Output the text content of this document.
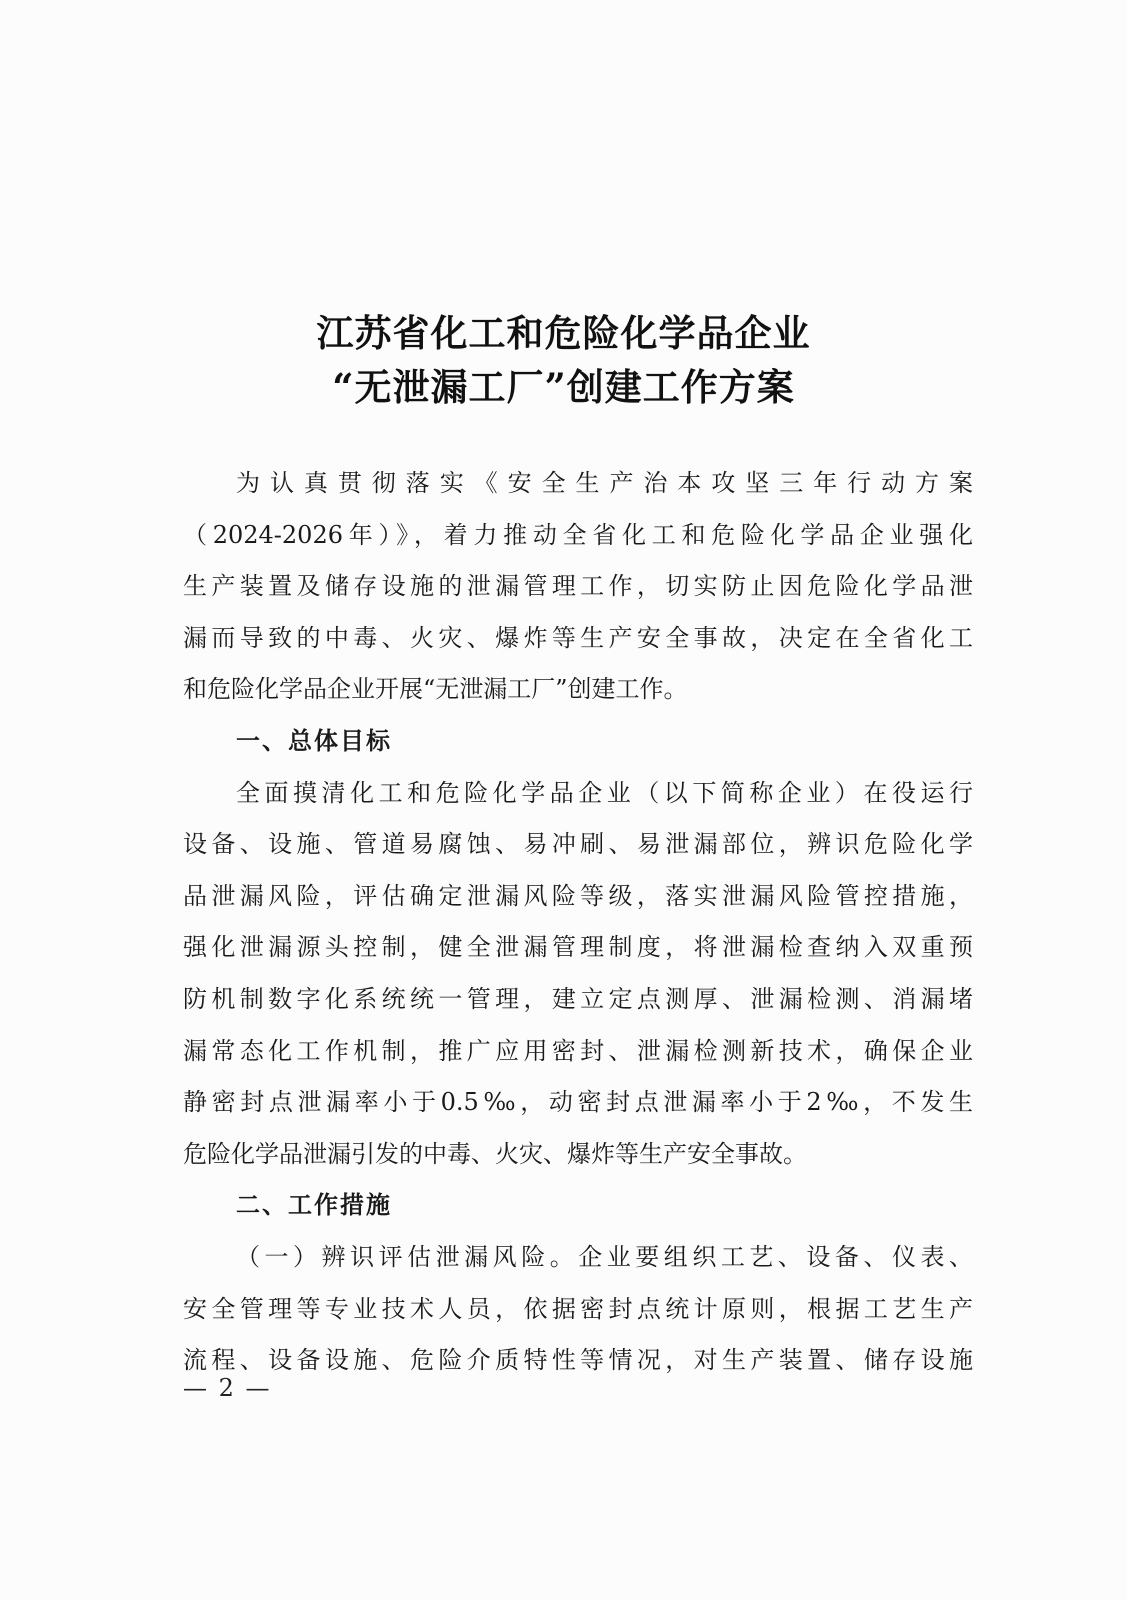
江苏省化工和危险化学品企业
“无泄漏工厂”创建工作方案
为认真贯彻落实《安全生产治本攻坚三年行动方案
（2024-2026年）》，着力推动全省化工和危险化学品企业强化
生产装置及储存设施的泄漏管理工作，切实防止因危险化学品泄
漏而导致的中毒、火灾、爆炸等生产安全事故，决定在全省化工
和危险化学品企业开展“无泄漏工厂”创建工作。
一、总体目标
全面摸清化工和危险化学品企业（以下简称企业）在役运行
设备、设施、管道易腐蚀、易冲刷、易泄漏部位，辨识危险化学
品泄漏风险，评估确定泄漏风险等级，落实泄漏风险管控措施，
强化泄漏源头控制，健全泄漏管理制度，将泄漏检查纳入双重预
防机制数字化系统统一管理，建立定点测厚、泄漏检测、消漏堵
漏常态化工作机制，推广应用密封、泄漏检测新技术，确保企业
静密封点泄漏率小于0.5‰，动密封点泄漏率小于2‰，不发生
危险化学品泄漏引发的中毒、火灾、爆炸等生产安全事故。
二、工作措施
（一）辨识评估泄漏风险。企业要组织工艺、设备、仪表、
安全管理等专业技术人员，依据密封点统计原则，根据工艺生产
流程、设备设施、危险介质特性等情况，对生产装置、储存设施
— 2 —
